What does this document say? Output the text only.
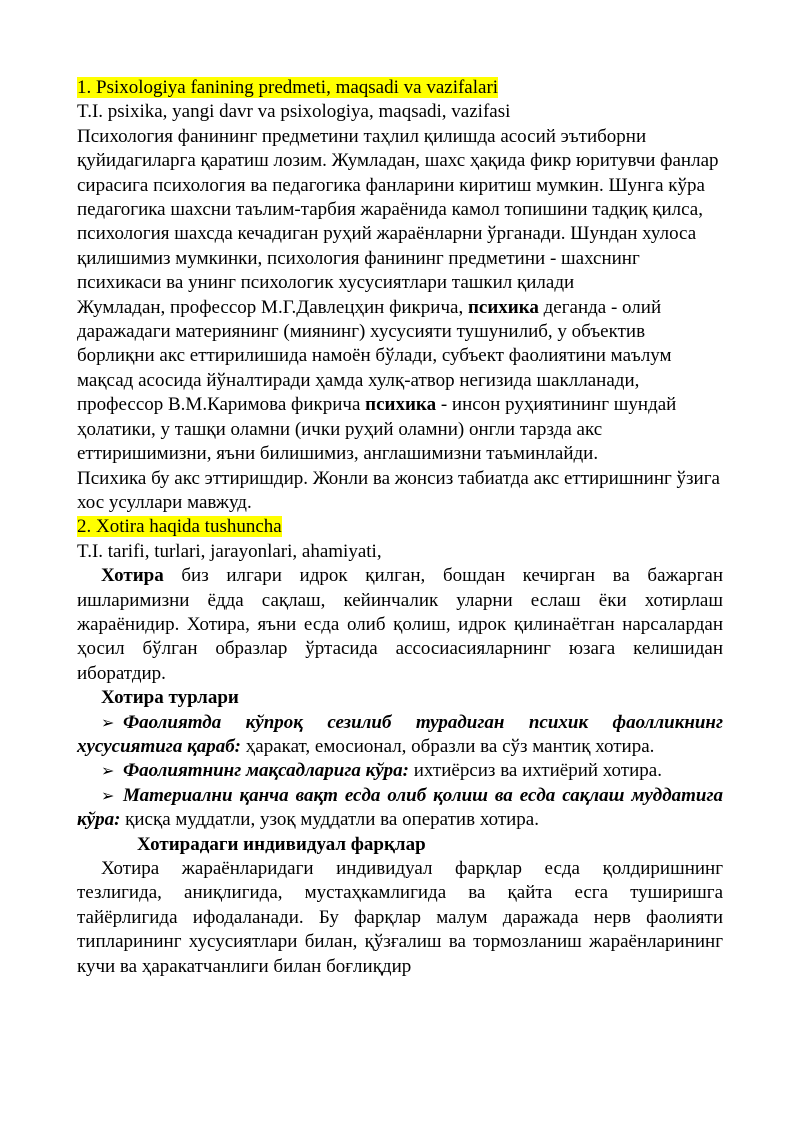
1. Psixologiya fanining predmeti, maqsadi va vazifalari

T.I. psixika, yangi davr va psixologiya, maqsadi, vazifasi

Психология фанининг предметини таҳлил қилишда асосий эътиборни қуйидагиларга қаратиш лозим. Жумладан, шахс ҳақида фикр юритувчи фанлар сирасига психология ва педагогика фанларини киритиш мумкин. Шунга кўра педагогика шахсни таълим-тарбия жараёнида камол топишини тадқиқ қилса, психология шахсда кечадиган руҳий жараёнларни ўрганади. Шундан хулоса қилишимиз мумкинки, психология фанининг предметини - шахснинг психикаси ва унинг психологик хусусиятлари ташкил қилади

Жумладан, профессор М.Г.Давлецҳин фикрича, психика деганда - олий даражадаги материянинг (миянинг) хусусияти тушунилиб, у объектив борлиқни акс еттирилишида намоён бўлади, субъект фаолиятини маълум мақсад асосида йўналтиради ҳамда хулқ-атвор негизида шаклланади, профессор В.М.Каримова фикрича психика - инсон руҳиятининг шундай ҳолатики, у ташқи оламни (ички руҳий оламни) онгли тарзда акс еттиришимизни, яъни билишимиз, англашимизни таъминлайди.

Психика бу акс эттиришдир. Жонли ва жонсиз табиатда акс еттиришнинг ўзига хос усуллари мавжуд.

2. Xotira haqida tushuncha

T.I. tarifi, turlari, jarayonlari, ahamiyati,

Хотира биз илгари идрок қилган, бошдан кечирган ва бажарган ишларимизни ёдда сақлаш, кейинчалик уларни еслаш ёки хотирлаш жараёнидир. Хотира, яъни есда олиб қолиш, идрок қилинаётган нарсалардан ҳосил бўлган образлар ўртасида ассосиасияларнинг юзага келишидан иборатдир.

Хотира турлари

➢ Фаолиятда кўпроқ сезилиб турадиган психик фаолликнинг хусусиятига қараб: ҳаракат, емосионал, образли ва сўз мантиқ хотира.

➢ Фаолиятнинг мақсадларига кўра: ихтиёрсиз ва ихтиёрий хотира.

➢ Материални қанча вақт есда олиб қолиш ва есда сақлаш муддатига кўра: қисқа муддатли, узоқ муддатли ва оператив хотира.

Хотирадаги индивидуал фарқлар

Хотира жараёнларидаги индивидуал фарқлар есда қолдиришнинг тезлигида, аниқлигида, мустаҳкамлигида ва қайта есга туширишга тайёрлигида ифодаланади. Бу фарқлар малум даражада нерв фаолияти типларининг хусусиятлари билан, қўзғалиш ва тормозланиш жараёнларининг кучи ва ҳаракатчанлиги билан боғлиқдир
